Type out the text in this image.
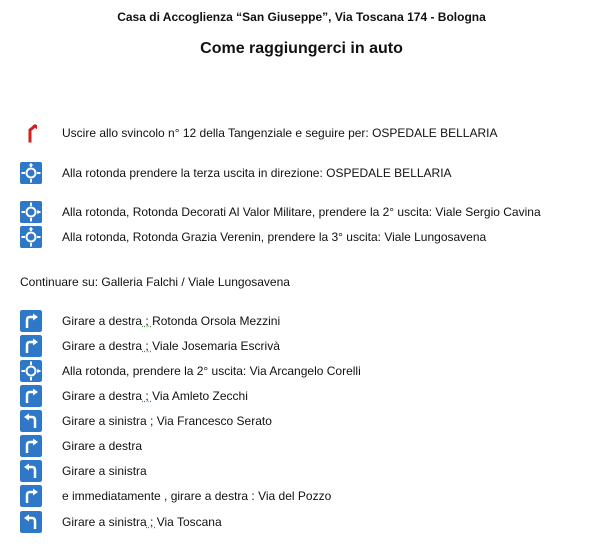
Casa di Accoglienza “San Giuseppe”, Via Toscana 174 - Bologna
Come raggiungerci in auto
Uscire allo svincolo n° 12 della Tangenziale e seguire per: OSPEDALE BELLARIA
Alla rotonda prendere la terza uscita in direzione: OSPEDALE BELLARIA
Alla rotonda, Rotonda Decorati Al Valor Militare, prendere la 2° uscita: Viale Sergio Cavina
Alla rotonda, Rotonda Grazia Verenin, prendere la 3° uscita: Viale Lungosavena
Continuare su: Galleria Falchi / Viale Lungosavena
Girare a destra ; Rotonda Orsola Mezzini
Girare a destra ; Viale Josemaria Escrivà
Alla rotonda, prendere la 2° uscita: Via Arcangelo Corelli
Girare a destra ; Via Amleto Zecchi
Girare a sinistra ; Via Francesco Serato
Girare a destra
Girare a sinistra
e immediatamente , girare a destra : Via del Pozzo
Girare a sinistra ; Via Toscana
